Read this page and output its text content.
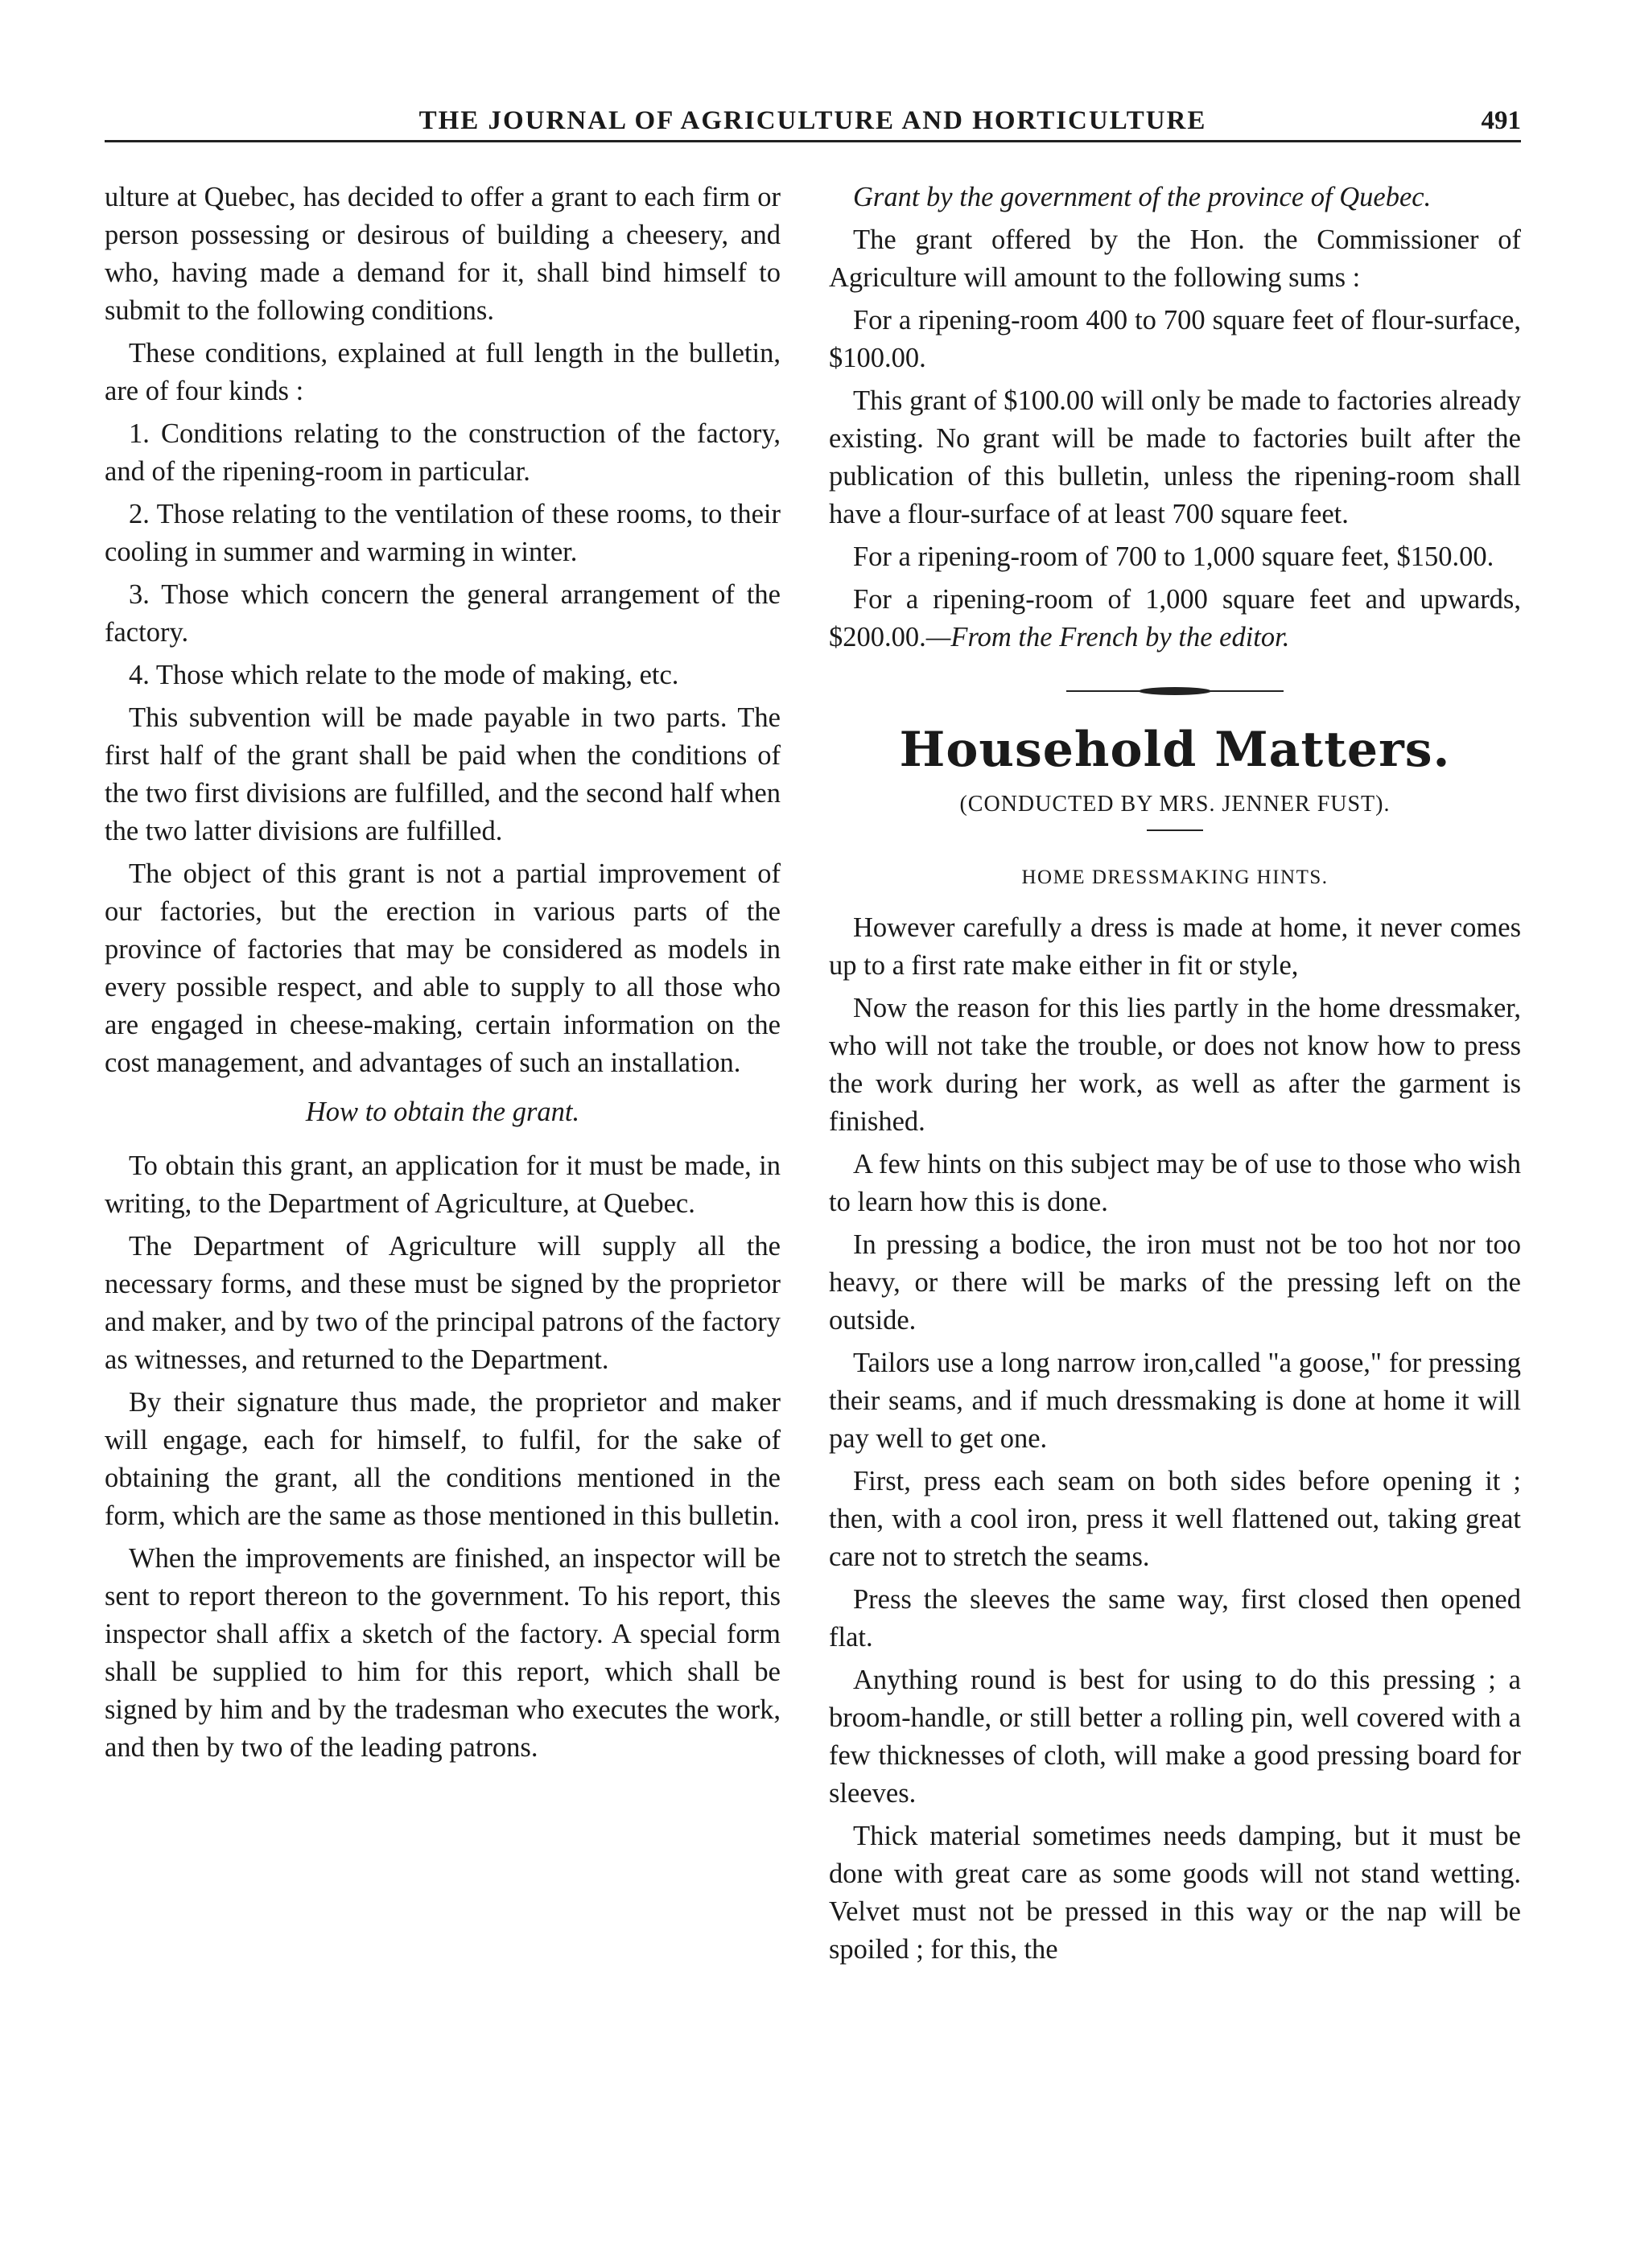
THE JOURNAL OF AGRICULTURE AND HORTICULTURE	491

ulture at Quebec, has decided to offer a grant to each firm or person possessing or desirous of building a cheesery, and who, having made a demand for it, shall bind himself to submit to the following conditions.

These conditions, explained at full length in the bulletin, are of four kinds :

1. Conditions relating to the construction of the factory, and of the ripening-room in particular.

2. Those relating to the ventilation of these rooms, to their cooling in summer and warming in winter.

3. Those which concern the general arrangement of the factory.

4. Those which relate to the mode of making, etc.

This subvention will be made payable in two parts. The first half of the grant shall be paid when the conditions of the two first divisions are fulfilled, and the second half when the two latter divisions are fulfilled.

The object of this grant is not a partial improvement of our factories, but the erection in various parts of the province of factories that may be considered as models in every possible respect, and able to supply to all those who are engaged in cheese-making, certain information on the cost management, and advantages of such an installation.

How to obtain the grant.

To obtain this grant, an application for it must be made, in writing, to the Department of Agriculture, at Quebec.

The Department of Agriculture will supply all the necessary forms, and these must be signed by the proprietor and maker, and by two of the principal patrons of the factory as witnesses, and returned to the Department.

By their signature thus made, the proprietor and maker will engage, each for himself, to fulfil, for the sake of obtaining the grant, all the conditions mentioned in the form, which are the same as those mentioned in this bulletin.

When the improvements are finished, an inspector will be sent to report thereon to the government. To his report, this inspector shall affix a sketch of the factory. A special form shall be supplied to him for this report, which shall be signed by him and by the tradesman who executes the work, and then by two of the leading patrons.

Grant by the government of the province of Quebec.

The grant offered by the Hon. the Commissioner of Agriculture will amount to the following sums :

For a ripening-room 400 to 700 square feet of flour-surface, $100.00.

This grant of $100.00 will only be made to factories already existing. No grant will be made to factories built after the publication of this bulletin, unless the ripening-room shall have a flour-surface of at least 700 square feet.

For a ripening-room of 700 to 1,000 square feet, $150.00.

For a ripening-room of 1,000 square feet and upwards, $200.00.—From the French by the editor.

Household Matters.
(CONDUCTED BY MRS. JENNER FUST).
HOME DRESSMAKING HINTS.

However carefully a dress is made at home, it never comes up to a first rate make either in fit or style,

Now the reason for this lies partly in the home dressmaker, who will not take the trouble, or does not know how to press the work during her work, as well as after the garment is finished.

A few hints on this subject may be of use to those who wish to learn how this is done.

In pressing a bodice, the iron must not be too hot nor too heavy, or there will be marks of the pressing left on the outside.

Tailors use a long narrow iron,called "a goose," for pressing their seams, and if much dressmaking is done at home it will pay well to get one.

First, press each seam on both sides before opening it ; then, with a cool iron, press it well flattened out, taking great care not to stretch the seams.

Press the sleeves the same way, first closed then opened flat.

Anything round is best for using to do this pressing ; a broom-handle, or still better a rolling pin, well covered with a few thicknesses of cloth, will make a good pressing board for sleeves.

Thick material sometimes needs damping, but it must be done with great care as some goods will not stand wetting. Velvet must not be pressed in this way or the nap will be spoiled ; for this, the
